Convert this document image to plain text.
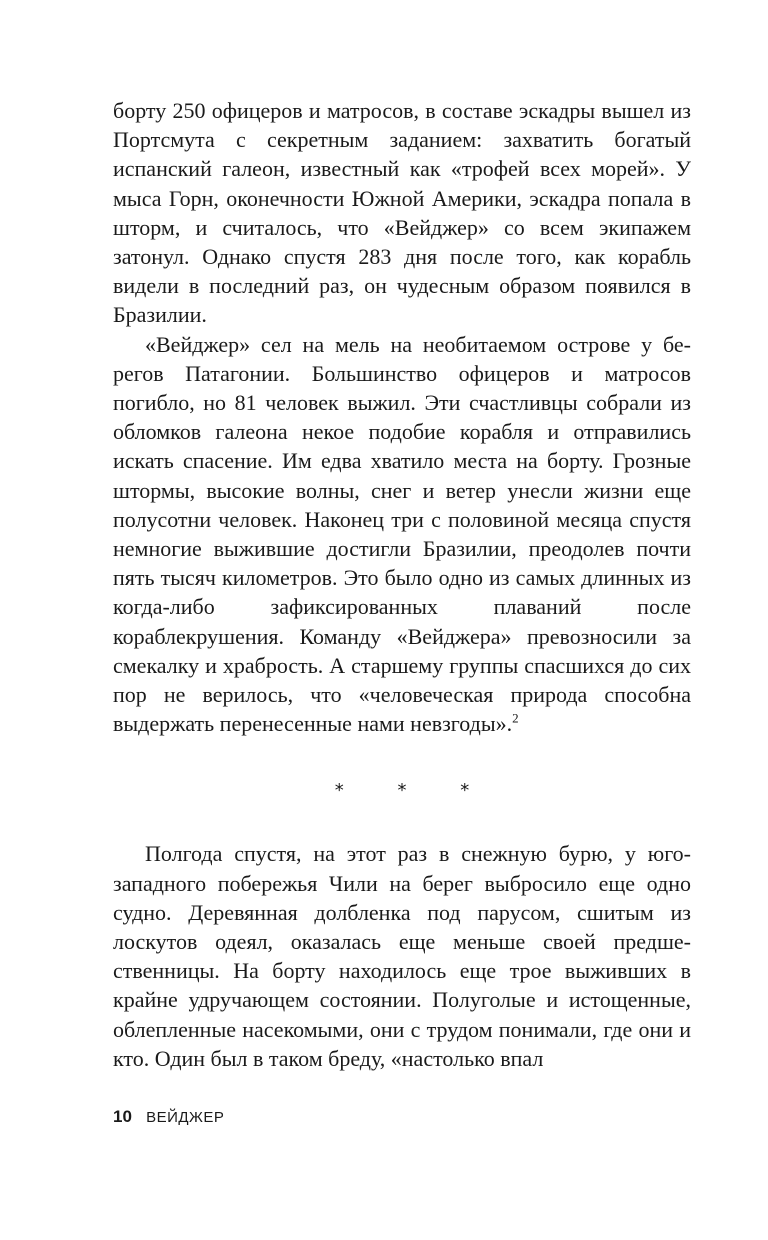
борту 250 офицеров и матросов, в составе эскадры вышел из Портсмута с секретным заданием: захватить богатый испанский галеон, известный как «трофей всех морей». У мыса Горн, оконечности Южной Америки, эскадра попала в шторм, и считалось, что «Вейджер» со всем экипажем затонул. Однако спустя 283 дня после того, как корабль видели в последний раз, он чудесным образом появился в Бразилии.

«Вейджер» сел на мель на необитаемом острове у берегов Патагонии. Большинство офицеров и матросов погибло, но 81 человек выжил. Эти счастливцы собрали из обломков галеона некое подобие корабля и отправились искать спасение. Им едва хватило места на борту. Грозные штормы, высокие волны, снег и ветер унесли жизни еще полусотни человек. Наконец три с половиной месяца спустя немногие выжившие достигли Бразилии, преодолев почти пять тысяч километров. Это было одно из самых длинных из когда-либо зафиксированных плаваний после кораблекрушения. Команду «Вейджера» превозносили за смекалку и храбрость. А старшему группы спасшихся до сих пор не верилось, что «человеческая природа способна выдержать перенесенные нами невзгоды».$^2$

* * *

Полгода спустя, на этот раз в снежную бурю, у юго-западного побережья Чили на берег выбросило еще одно судно. Деревянная долбленка под парусом, сшитым из лоскутов одеял, оказалась еще меньше своей предшественницы. На борту находилось еще трое выживших в крайне удручающем состоянии. Полуголые и истощенные, облепленные насекомыми, они с трудом понимали, где они и кто. Один был в таком бреду, «настолько впал

10 ВЕЙДЖЕР
